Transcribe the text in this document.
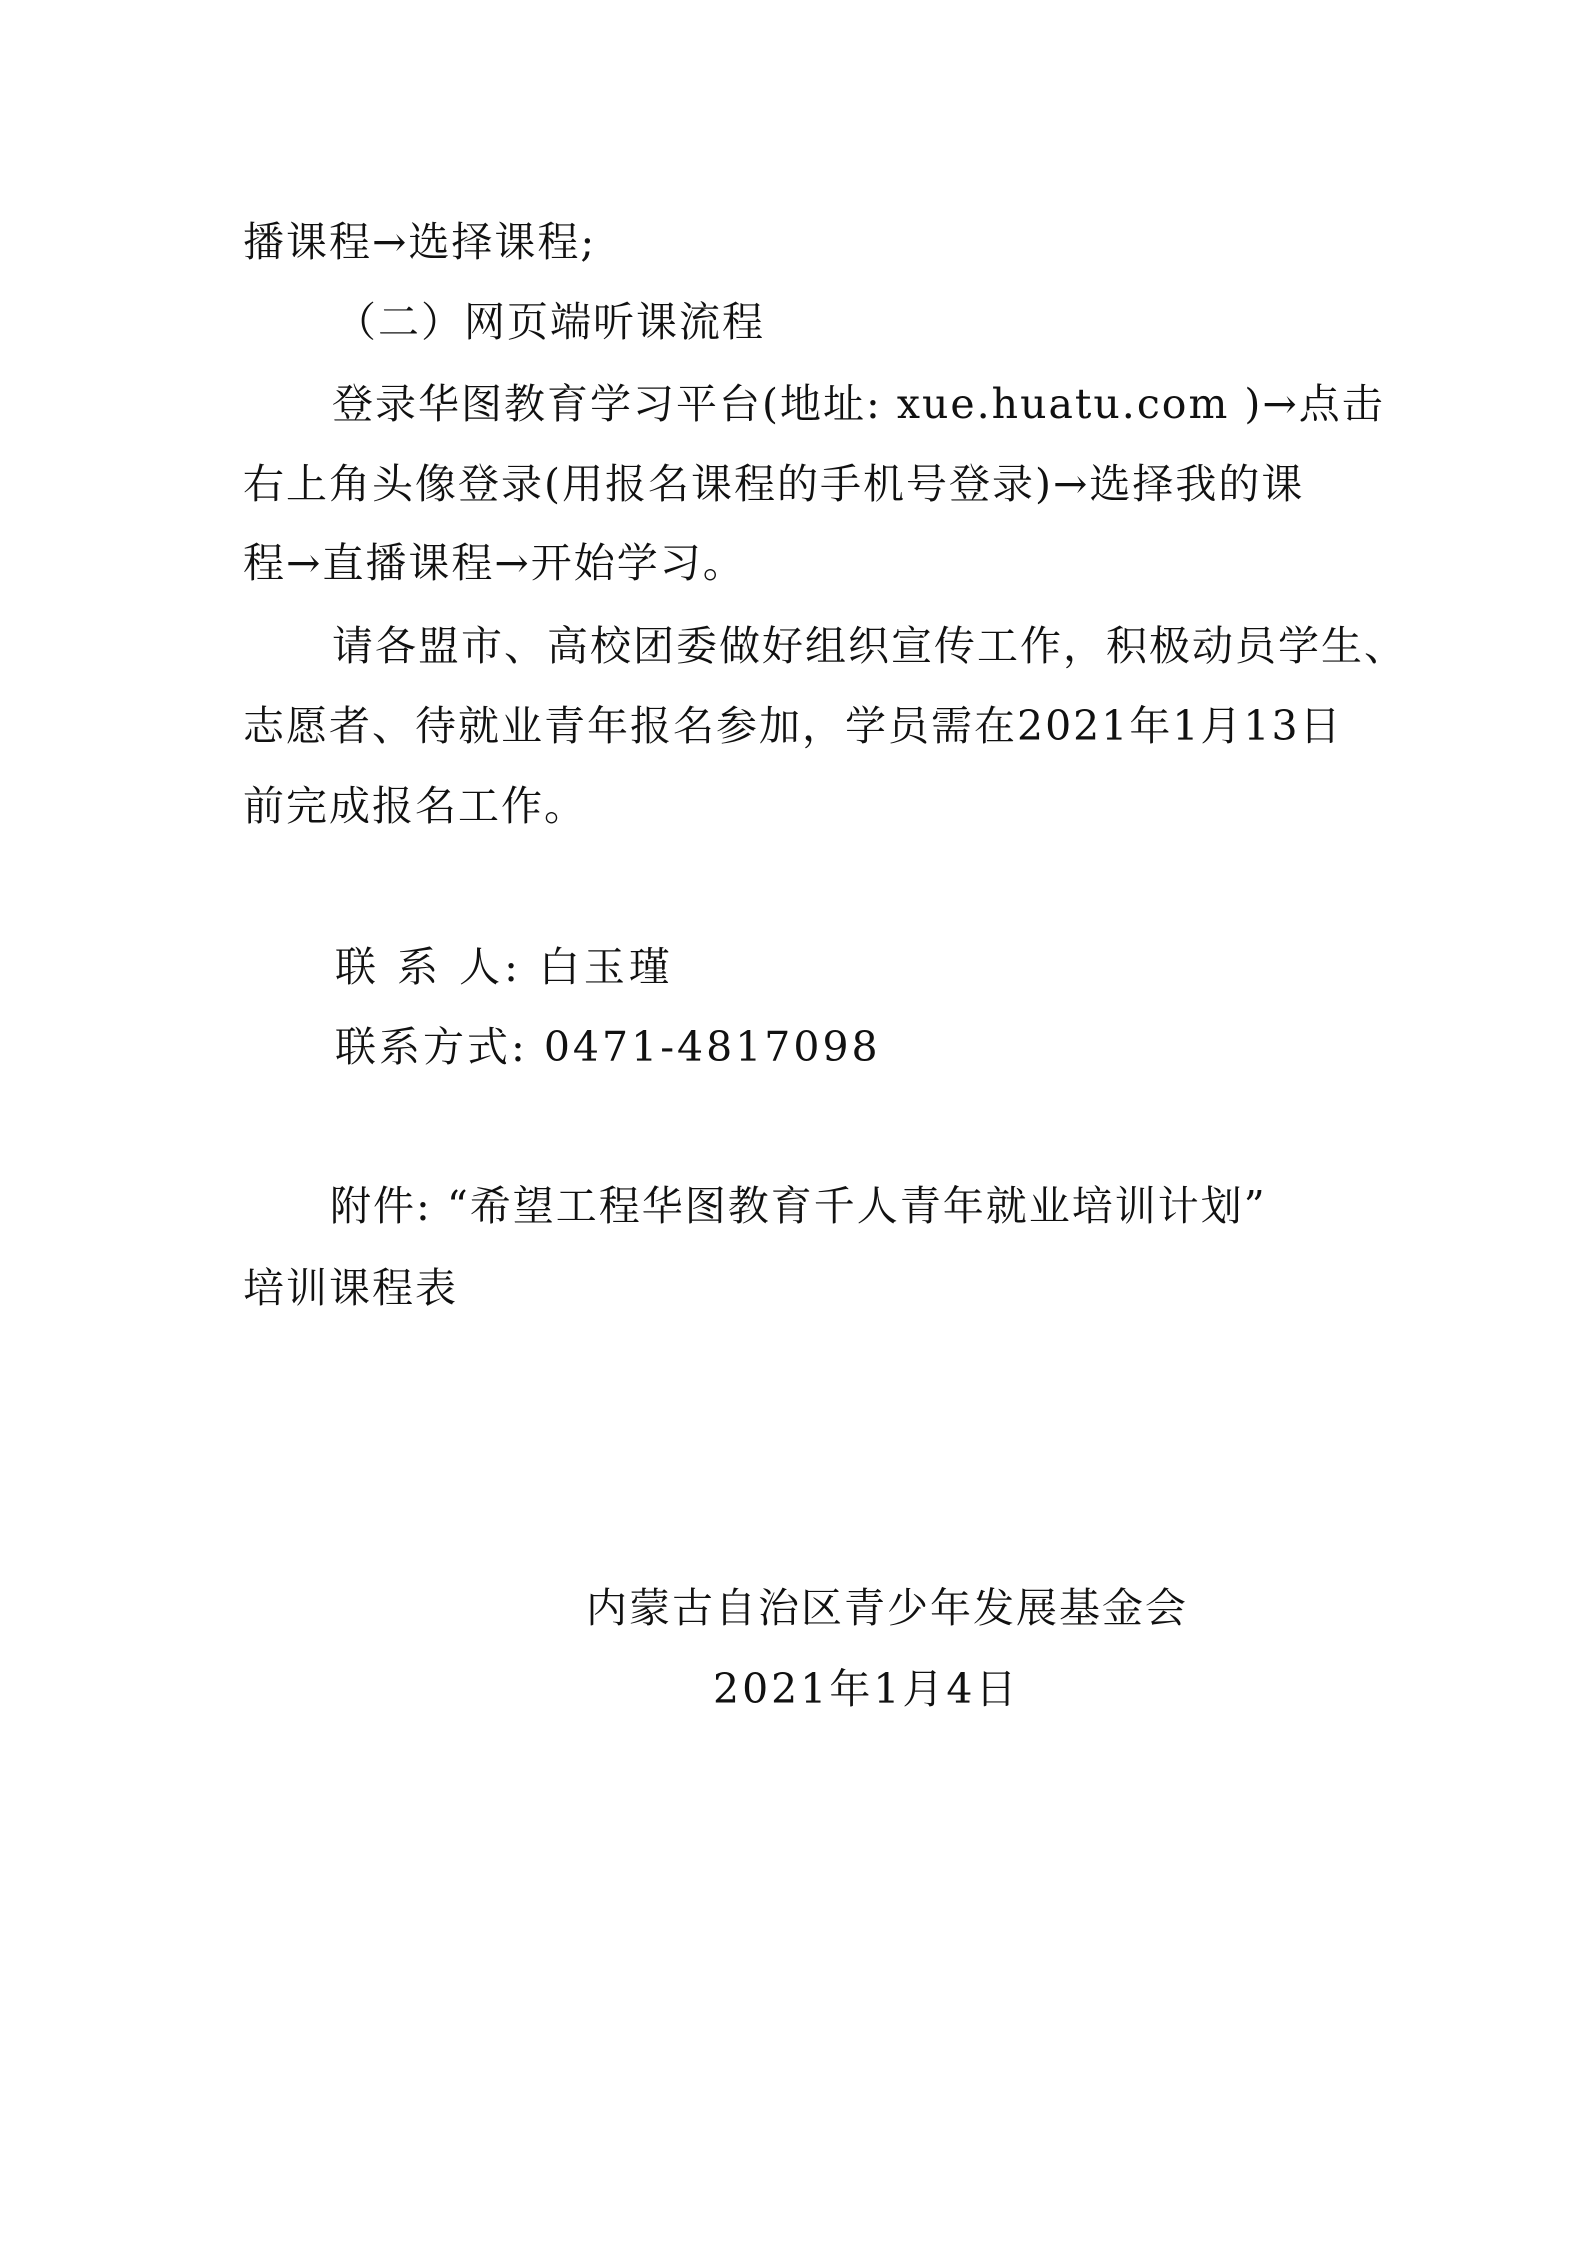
播课程→选择课程;
（二）网页端听课流程
登录华图教育学习平台(地址: xue.huatu.com )→点击
右上角头像登录(用报名课程的手机号登录)→选择我的课
程→直播课程→开始学习。
请各盟市、高校团委做好组织宣传工作，积极动员学生、
志愿者、待就业青年报名参加，学员需在2021年1月13日
前完成报名工作。
联 系 人: 白玉瑾
联系方式: 0471-4817098
附件: “希望工程华图教育千人青年就业培训计划”
培训课程表
内蒙古自治区青少年发展基金会
2021年1月4日
